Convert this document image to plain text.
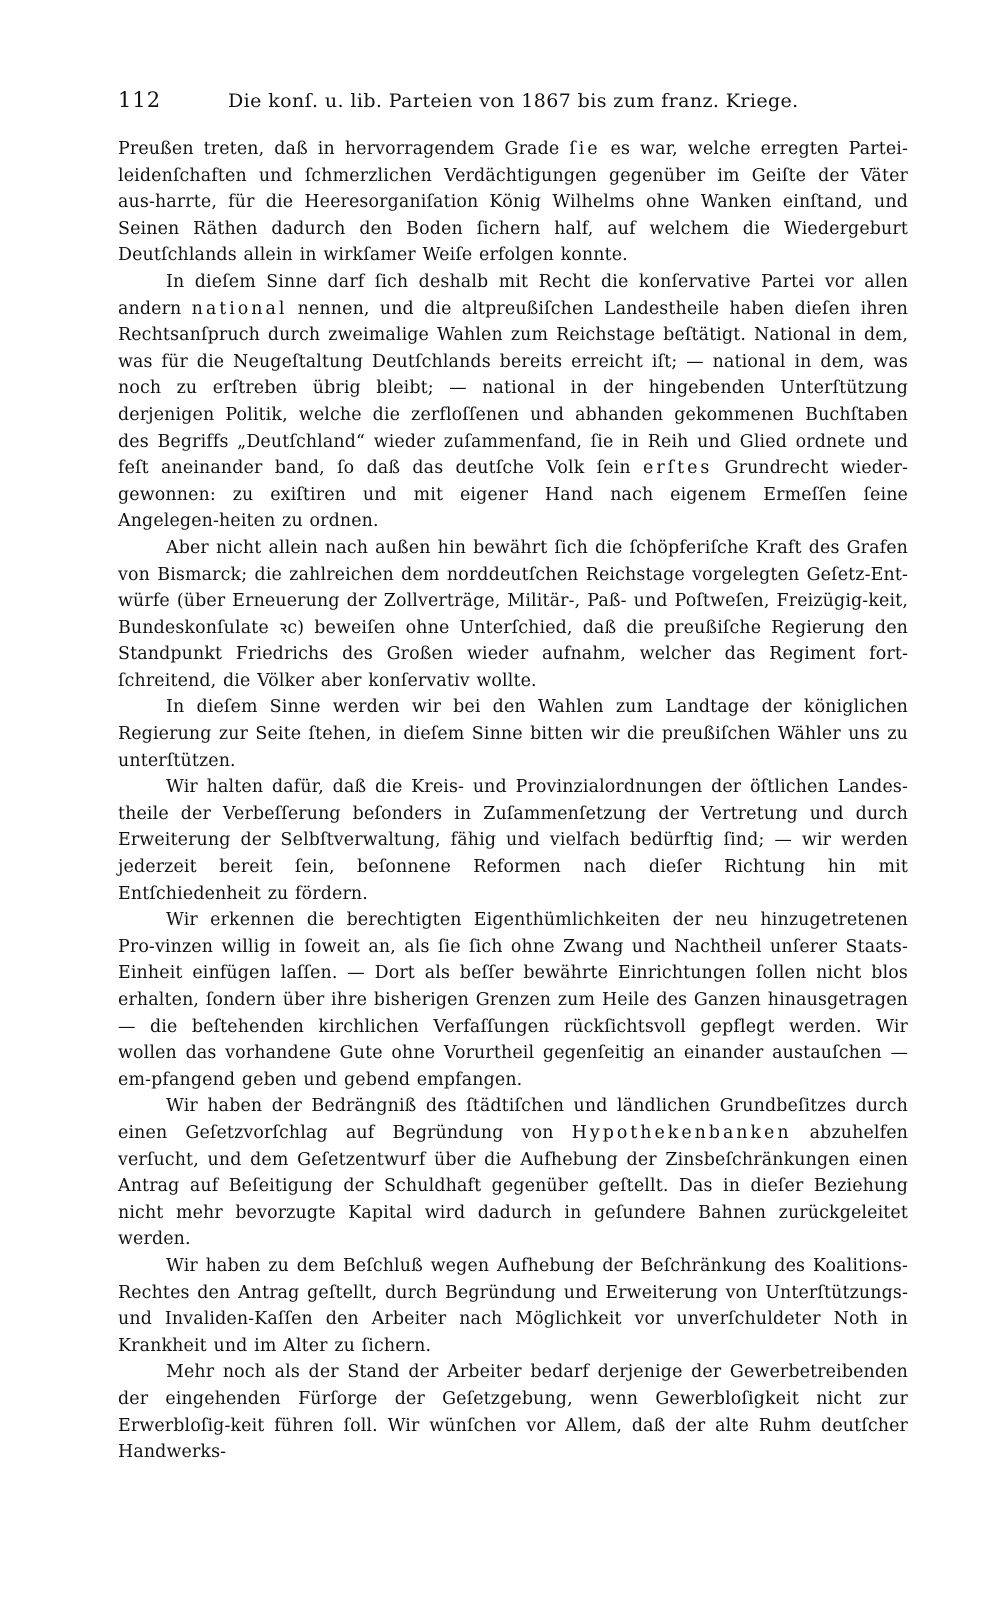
112	Die konſ. u. lib. Parteien von 1867 bis zum franz. Kriege.

Preußen treten, daß in hervorragendem Grade ſie es war, welche erregten Partei-leidenſchaften und ſchmerzlichen Verdächtigungen gegenüber im Geiſte der Väter aus-harrte, für die Heeresorganiſation König Wilhelms ohne Wanken einſtand, und Seinen Räthen dadurch den Boden ſichern half, auf welchem die Wiedergeburt Deutſchlands allein in wirkſamer Weiſe erfolgen konnte.

In dieſem Sinne darf ſich deshalb mit Recht die konſervative Partei vor allen andern national nennen, und die altpreußiſchen Landestheile haben dieſen ihren Rechtsanſpruch durch zweimalige Wahlen zum Reichstage beſtätigt. National in dem, was für die Neugeſtaltung Deutſchlands bereits erreicht iſt; — national in dem, was noch zu erſtreben übrig bleibt; — national in der hingebenden Unterſtützung derjenigen Politik, welche die zerfloſſenen und abhanden gekommenen Buchſtaben des Begriffs „Deutſchland“ wieder zuſammenfand, ſie in Reih und Glied ordnete und feſt aneinander band, ſo daß das deutſche Volk ſein erſtes Grundrecht wieder-gewonnen: zu exiſtiren und mit eigener Hand nach eigenem Ermeſſen ſeine Angelegen-heiten zu ordnen.

Aber nicht allein nach außen hin bewährt ſich die ſchöpferiſche Kraft des Grafen von Bismarck; die zahlreichen dem norddeutſchen Reichstage vorgelegten Geſetz-Ent-würfe (über Erneuerung der Zollverträge, Militär-, Paß- und Poſtweſen, Freizügig-keit, Bundeskonſulate ꝛc) beweiſen ohne Unterſchied, daß die preußiſche Regierung den Standpunkt Friedrichs des Großen wieder aufnahm, welcher das Regiment fort-ſchreitend, die Völker aber konſervativ wollte.

In dieſem Sinne werden wir bei den Wahlen zum Landtage der königlichen Regierung zur Seite ſtehen, in dieſem Sinne bitten wir die preußiſchen Wähler uns zu unterſtützen.

Wir halten dafür, daß die Kreis- und Provinzialordnungen der öſtlichen Landes-theile der Verbeſſerung beſonders in Zuſammenſetzung der Vertretung und durch Erweiterung der Selbſtverwaltung, fähig und vielfach bedürftig ſind; — wir werden jederzeit bereit ſein, beſonnene Reformen nach dieſer Richtung hin mit Entſchiedenheit zu fördern.

Wir erkennen die berechtigten Eigenthümlichkeiten der neu hinzugetretenen Pro-vinzen willig in ſoweit an, als ſie ſich ohne Zwang und Nachtheil unſerer Staats-Einheit einfügen laſſen. — Dort als beſſer bewährte Einrichtungen ſollen nicht blos erhalten, ſondern über ihre bisherigen Grenzen zum Heile des Ganzen hinausgetragen — die beſtehenden kirchlichen Verfaſſungen rückſichtsvoll gepflegt werden. Wir wollen das vorhandene Gute ohne Vorurtheil gegenſeitig an einander austauſchen — em-pfangend geben und gebend empfangen.

Wir haben der Bedrängniß des ſtädtiſchen und ländlichen Grundbeſitzes durch einen Geſetzvorſchlag auf Begründung von Hypothekenbanken abzuhelfen verſucht, und dem Geſetzentwurf über die Aufhebung der Zinsbeſchränkungen einen Antrag auf Beſeitigung der Schuldhaft gegenüber geſtellt. Das in dieſer Beziehung nicht mehr bevorzugte Kapital wird dadurch in geſundere Bahnen zurückgeleitet werden.

Wir haben zu dem Beſchluß wegen Aufhebung der Beſchränkung des Koalitions-Rechtes den Antrag geſtellt, durch Begründung und Erweiterung von Unterſtützungs- und Invaliden-Kaſſen den Arbeiter nach Möglichkeit vor unverſchuldeter Noth in Krankheit und im Alter zu ſichern.

Mehr noch als der Stand der Arbeiter bedarf derjenige der Gewerbetreibenden der eingehenden Fürſorge der Geſetzgebung, wenn Gewerbloſigkeit nicht zur Erwerbloſig-keit führen ſoll. Wir wünſchen vor Allem, daß der alte Ruhm deutſcher Handwerks-
